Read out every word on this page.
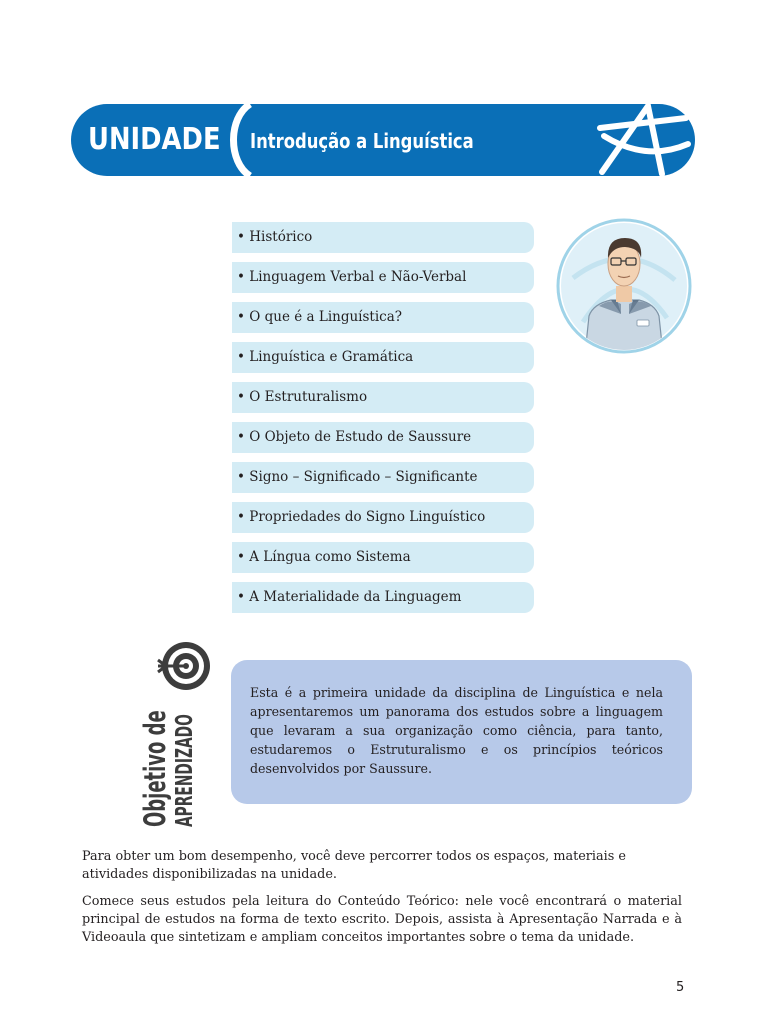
UNIDADE Introdução a Linguística
• Histórico
• Linguagem Verbal e Não-Verbal
• O que é a Linguística?
• Linguística e Gramática
• O Estruturalismo
• O Objeto de Estudo de Saussure
• Signo – Significado – Significante
• Propriedades do Signo Linguístico
• A Língua como Sistema
• A Materialidade da Linguagem
Objetivo de APRENDIZADO

Esta é a primeira unidade da disciplina de Linguística e nela apresentaremos um panorama dos estudos sobre a linguagem que levaram a sua organização como ciência, para tanto, estudaremos o Estruturalismo e os princípios teóricos desenvolvidos por Saussure.

Para obter um bom desempenho, você deve percorrer todos os espaços, materiais e atividades disponibilizadas na unidade.

Comece seus estudos pela leitura do Conteúdo Teórico: nele você encontrará o material principal de estudos na forma de texto escrito. Depois, assista à Apresentação Narrada e à Videoaula que sintetizam e ampliam conceitos importantes sobre o tema da unidade.

5
